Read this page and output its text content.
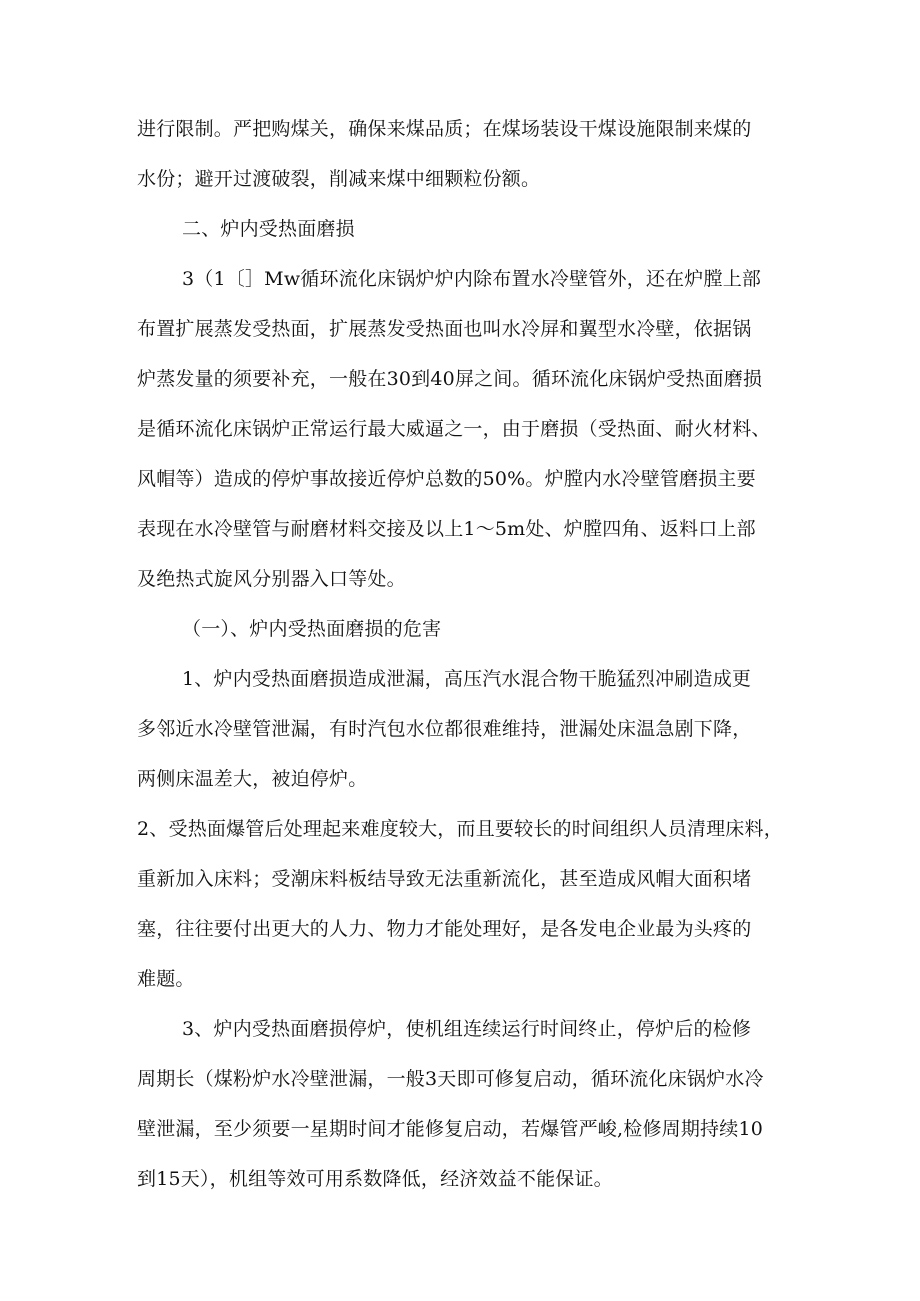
进行限制。严把购煤关，确保来煤品质；在煤场装设干煤设施限制来煤的
水份；避开过渡破裂，削减来煤中细颗粒份额。
二、炉内受热面磨损
3（1〔］Mw循环流化床锅炉炉内除布置水冷壁管外，还在炉膛上部
布置扩展蒸发受热面，扩展蒸发受热面也叫水冷屏和翼型水冷壁，依据锅
炉蒸发量的须要补充，一般在30到40屏之间。循环流化床锅炉受热面磨损
是循环流化床锅炉正常运行最大威逼之一，由于磨损（受热面、耐火材料、
风帽等）造成的停炉事故接近停炉总数的50%。炉膛内水冷壁管磨损主要
表现在水冷壁管与耐磨材料交接及以上1～5m处、炉膛四角、返料口上部
及绝热式旋风分别器入口等处。
（一）、炉内受热面磨损的危害
1、炉内受热面磨损造成泄漏，高压汽水混合物干脆猛烈冲刷造成更
多邻近水冷壁管泄漏，有时汽包水位都很难维持，泄漏处床温急剧下降，
两侧床温差大，被迫停炉。
2、受热面爆管后处理起来难度较大，而且要较长的时间组织人员清理床料，
重新加入床料；受潮床料板结导致无法重新流化，甚至造成风帽大面积堵
塞，往往要付出更大的人力、物力才能处理好，是各发电企业最为头疼的
难题。
3、炉内受热面磨损停炉，使机组连续运行时间终止，停炉后的检修
周期长（煤粉炉水冷壁泄漏，一般3天即可修复启动，循环流化床锅炉水冷
壁泄漏，至少须要一星期时间才能修复启动，若爆管严峻,检修周期持续10
到15天），机组等效可用系数降低，经济效益不能保证。
